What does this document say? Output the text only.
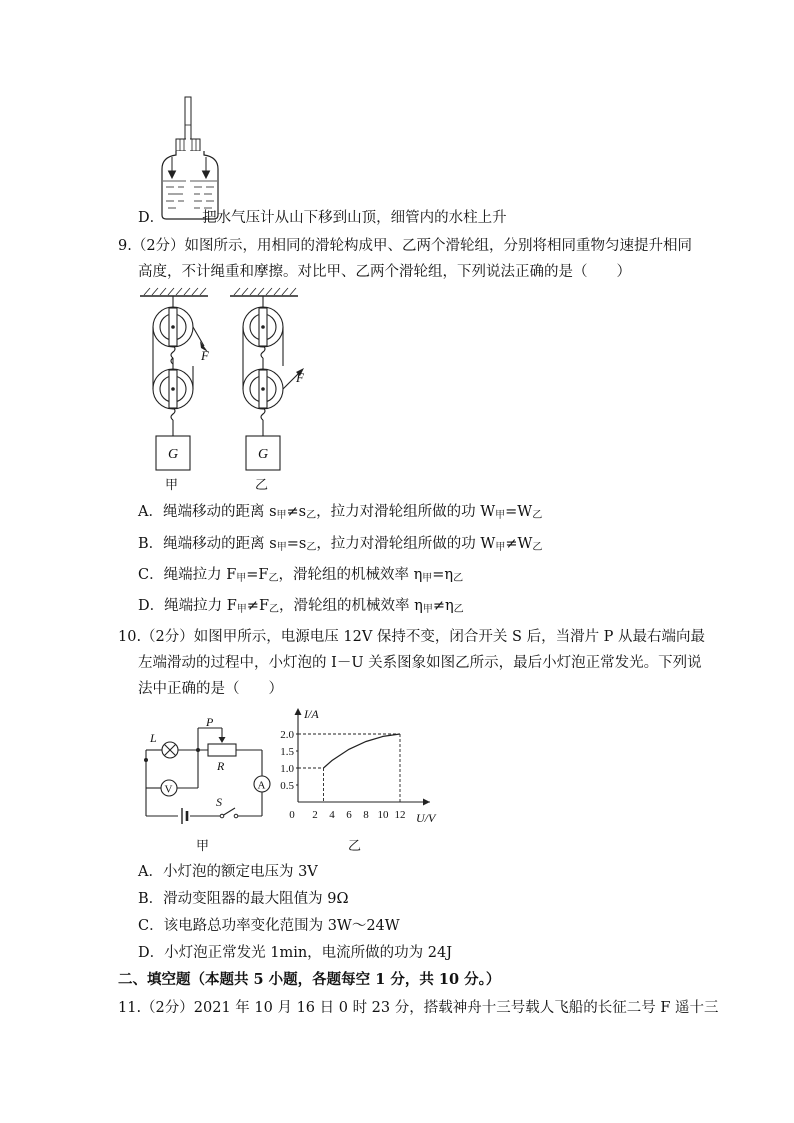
D．	把水气压计从山下移到山顶，细管内的水柱上升
9.（2分）如图所示，用相同的滑轮构成甲、乙两个滑轮组，分别将相同重物匀速提升相同
高度，不计绳重和摩擦。对比甲、乙两个滑轮组，下列说法正确的是（　　）
F
G
甲
F
G
乙
A．绳端移动的距离 $s_甲\ne s_乙$，拉力对滑轮组所做的功 $W_甲=W_乙$
B．绳端移动的距离 $s_甲=s_乙$，拉力对滑轮组所做的功 $W_甲\ne W_乙$
C．绳端拉力 $F_甲=F_乙$，滑轮组的机械效率 $\eta_甲=\eta_乙$
D．绳端拉力 $F_甲\ne F_乙$，滑轮组的机械效率 $\eta_甲\ne\eta_乙$
10.（2分）如图甲所示，电源电压 12V 保持不变，闭合开关 S 后，当滑片 P 从最右端向最
左端滑动的过程中，小灯泡的 I－U 关系图象如图乙所示，最后小灯泡正常发光。下列说
法中正确的是（　　）
L
P
R
V	A
S
甲
I/A
U/V
0.5
1.0
1.5
2.0
0 2 4 6 8 10 12
乙
A．小灯泡的额定电压为 3V
B．滑动变阻器的最大阻值为 9Ω
C．该电路总功率变化范围为 3W～24W
D．小灯泡正常发光 1min，电流所做的功为 24J
二、填空题（本题共 5 小题，各题每空 1 分，共 10 分。）
11.（2分）2021 年 10 月 16 日 0 时 23 分，搭载神舟十三号载人飞船的长征二号 F 遥十三
